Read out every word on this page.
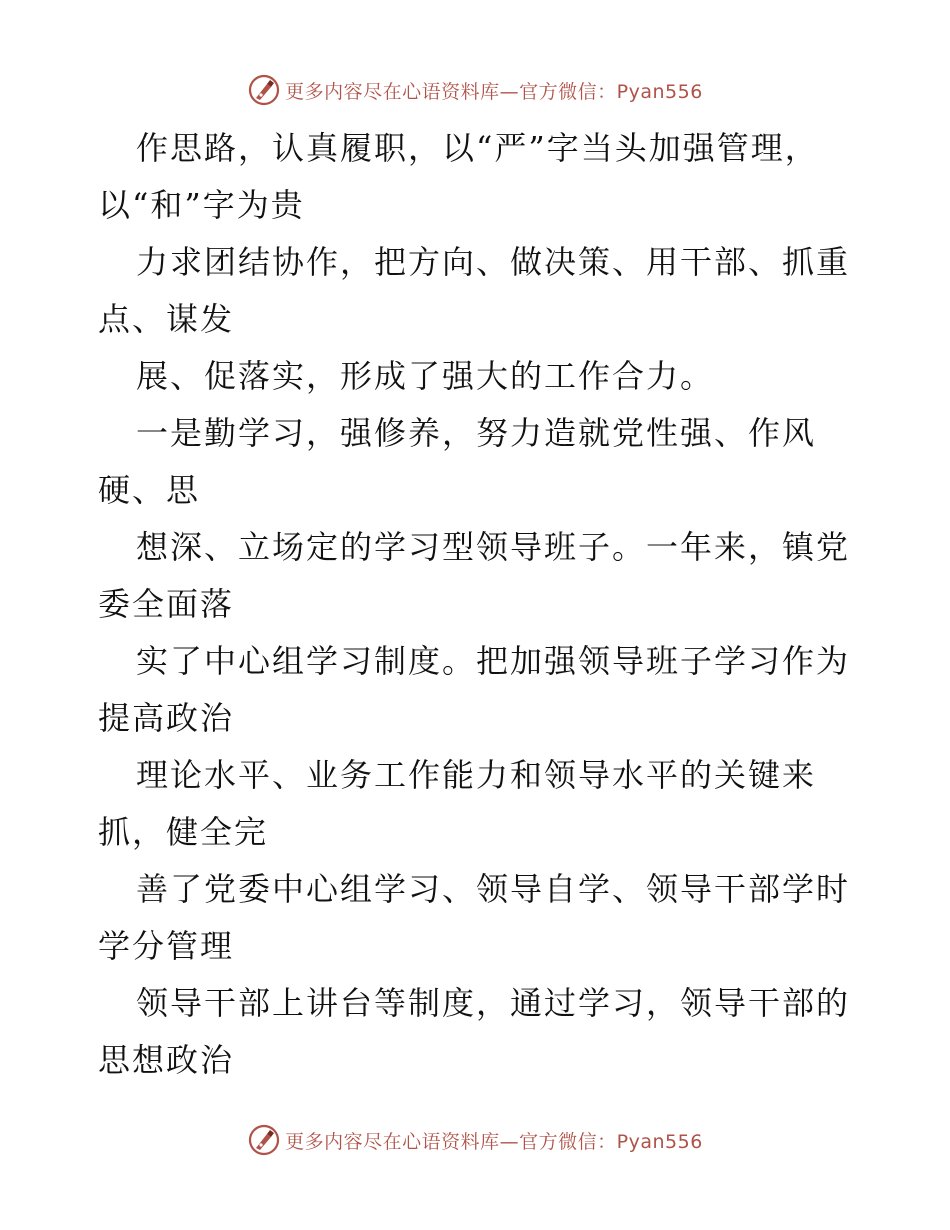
更多内容尽在心语资料库—官方微信：Pyan556

作思路，认真履职，以“严”字当头加强管理，以“和”字为贵

力求团结协作，把方向、做决策、用干部、抓重点、谋发

展、促落实，形成了强大的工作合力。

一是勤学习，强修养，努力造就党性强、作风硬、思

想深、立场定的学习型领导班子。一年来，镇党委全面落

实了中心组学习制度。把加强领导班子学习作为提高政治

理论水平、业务工作能力和领导水平的关键来抓，健全完

善了党委中心组学习、领导自学、领导干部学时学分管理

领导干部上讲台等制度，通过学习，领导干部的思想政治

更多内容尽在心语资料库—官方微信：Pyan556
